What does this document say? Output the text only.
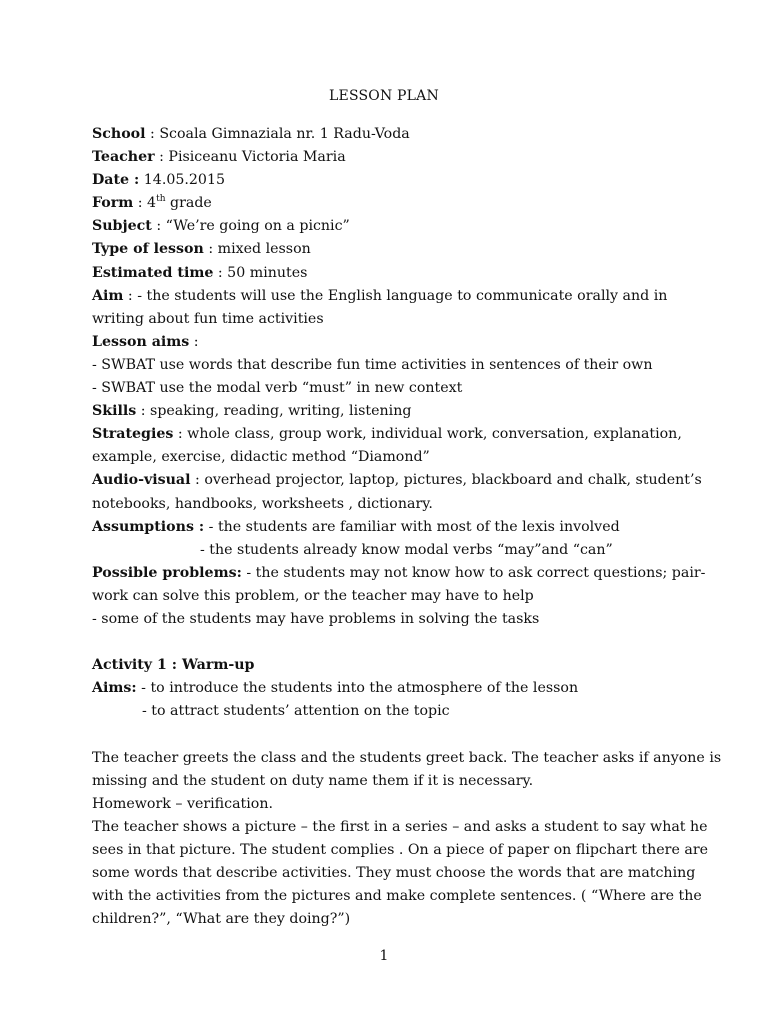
LESSON PLAN
School : Scoala Gimnaziala nr. 1 Radu-Voda
Teacher : Pisiceanu Victoria Maria
Date : 14.05.2015
Form : 4th grade
Subject : “We’re going on a picnic”
Type of lesson : mixed lesson
Estimated time : 50 minutes
Aim : - the students will use the English language to communicate orally and in
writing about fun time activities
Lesson aims :
- SWBAT use words that describe fun time activities in sentences of their own
- SWBAT use the modal verb “must” in new context
Skills : speaking, reading, writing, listening
Strategies : whole class, group work, individual work, conversation, explanation,
example, exercise, didactic method “Diamond”
Audio-visual : overhead projector, laptop, pictures, blackboard and chalk, student’s
notebooks, handbooks, worksheets , dictionary.
Assumptions : - the students are familiar with most of the lexis involved
- the students already know modal verbs “may”and “can”
Possible problems: - the students may not know how to ask correct questions; pair-
work can solve this problem, or the teacher may have to help
- some of the students may have problems in solving the tasks
Activity 1 : Warm-up
Aims: - to introduce the students into the atmosphere of the lesson
- to attract students’ attention on the topic
The teacher greets the class and the students greet back. The teacher asks if anyone is
missing and the student on duty name them if it is necessary.
Homework – verification.
The teacher shows a picture – the first in a series – and asks a student to say what he
sees in that picture. The student complies . On a piece of paper on flipchart there are
some words that describe activities. They must choose the words that are matching
with the activities from the pictures and make complete sentences. ( “Where are the
children?”, “What are they doing?”)
1
